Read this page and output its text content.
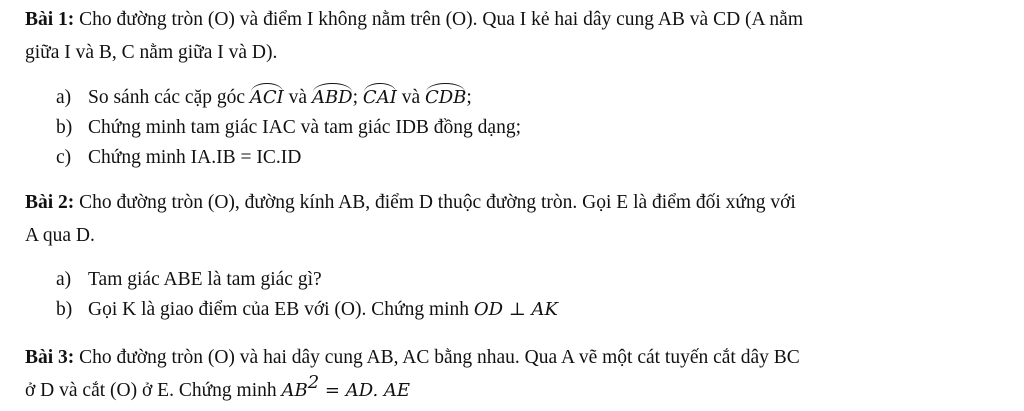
Bài 1: Cho đường tròn (O) và điểm I không nằm trên (O). Qua I kẻ hai dây cung AB và CD (A nằm
giữa I và B, C nằm giữa I và D).
a) So sánh các cặp góc ACI và ABD; CAI và CDB;
b) Chứng minh tam giác IAC và tam giác IDB đồng dạng;
c) Chứng minh IA.IB = IC.ID
Bài 2: Cho đường tròn (O), đường kính AB, điểm D thuộc đường tròn. Gọi E là điểm đối xứng với
A qua D.
a) Tam giác ABE là tam giác gì?
b) Gọi K là giao điểm của EB với (O). Chứng minh OD ⊥ AK
Bài 3: Cho đường tròn (O) và hai dây cung AB, AC bằng nhau. Qua A vẽ một cát tuyến cắt dây BC
ở D và cắt (O) ở E. Chứng minh $AB^2$ = AD. AE
